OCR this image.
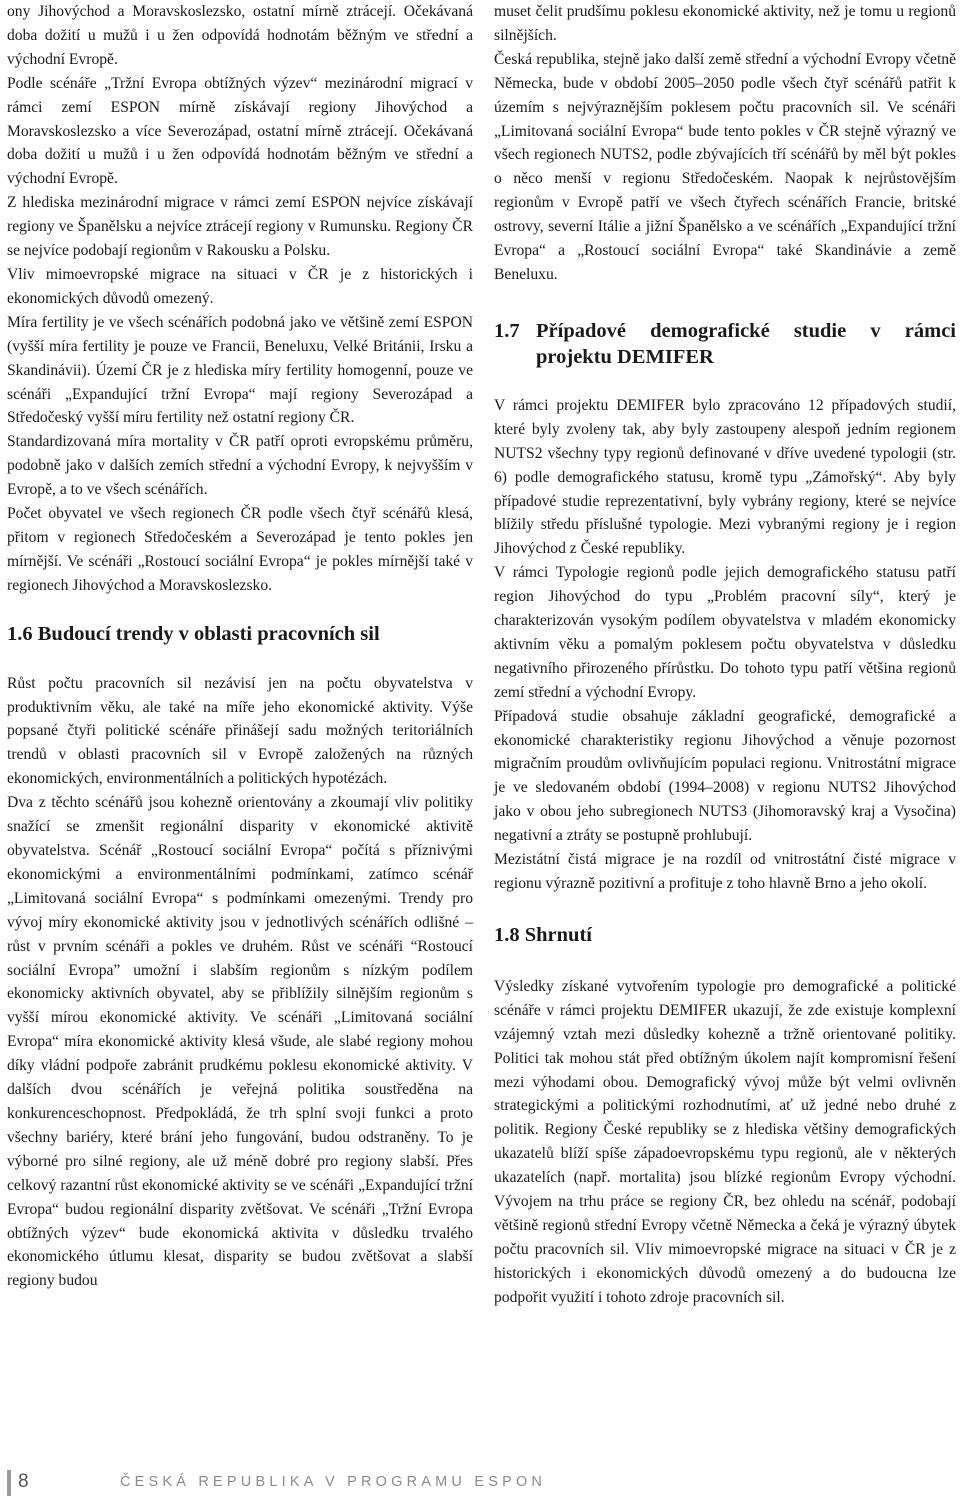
ony Jihovýchod a Moravskoslezsko, ostatní mírně ztrácejí. Očekávaná doba dožití u mužů i u žen odpovídá hodnotám běžným ve střední a východní Evropě.

Podle scénáře „Tržní Evropa obtížných výzev“ mezinárodní migrací v rámci zemí ESPON mírně získávají regiony Jihovýchod a Moravskoslezsko a více Severozápad, ostatní mírně ztrácejí. Očekávaná doba dožití u mužů i u žen odpovídá hodnotám běžným ve střední a východní Evropě.

Z hlediska mezinárodní migrace v rámci zemí ESPON nejvíce získávají regiony ve Španělsku a nejvíce ztrácejí regiony v Rumunsku. Regiony ČR se nejvíce podobají regionům v Rakousku a Polsku.

Vliv mimoevropské migrace na situaci v ČR je z historických i ekonomických důvodů omezený.

Míra fertility je ve všech scénářích podobná jako ve většině zemí ESPON (vyšší míra fertility je pouze ve Francii, Beneluxu, Velké Británii, Irsku a Skandinávii). Území ČR je z hlediska míry fertility homogenní, pouze ve scénáři „Expandující tržní Evropa“ mají regiony Severozápad a Středočeský vyšší míru fertility než ostatní regiony ČR.

Standardizovaná míra mortality v ČR patří oproti evropskému průměru, podobně jako v dalších zemích střední a východní Evropy, k nejvyšším v Evropě, a to ve všech scénářích.

Počet obyvatel ve všech regionech ČR podle všech čtyř scénářů klesá, přitom v regionech Středočeském a Severozápad je tento pokles jen mírnější. Ve scénáři „Rostoucí sociální Evropa“ je pokles mírnější také v regionech Jihovýchod a Moravskoslezsko.

1.6 Budoucí trendy v oblasti pracovních sil

Růst počtu pracovních sil nezávisí jen na počtu obyvatelstva v produktivním věku, ale také na míře jeho ekonomické aktivity. Výše popsané čtyři politické scénáře přinášejí sadu možných teritoriálních trendů v oblasti pracovních sil v Evropě založených na různých ekonomických, environmentálních a politických hypotézách.

Dva z těchto scénářů jsou kohezně orientovány a zkoumají vliv politiky snažící se zmenšit regionální disparity v ekonomické aktivitě obyvatelstva. Scénář „Rostoucí sociální Evropa“ počítá s příznivými ekonomickými a environmentálními podmínkami, zatímco scénář „Limitovaná sociální Evropa“ s podmínkami omezenými. Trendy pro vývoj míry ekonomické aktivity jsou v jednotlivých scénářích odlišné – růst v prvním scénáři a pokles ve druhém. Růst ve scénáři “Rostoucí sociální Evropa” umožní i slabším regionům s nízkým podílem ekonomicky aktivních obyvatel, aby se přiblížily silnějším regionům s vyšší mírou ekonomické aktivity. Ve scénáři „Limitovaná sociální Evropa“ míra ekonomické aktivity klesá všude, ale slabé regiony mohou díky vládní podpoře zabránit prudkému poklesu ekonomické aktivity. V dalších dvou scénářích je veřejná politika soustředěna na konkurenceschopnost. Předpokládá, že trh splní svoji funkci a proto všechny bariéry, které brání jeho fungování, budou odstraněny. To je výborné pro silné regiony, ale už méně dobré pro regiony slabší. Přes celkový razantní růst ekonomické aktivity se ve scénáři „Expandující tržní Evropa“ budou regionální disparity zvětšovat. Ve scénáři „Tržní Evropa obtížných výzev“ bude ekonomická aktivita v důsledku trvalého ekonomického útlumu klesat, disparity se budou zvětšovat a slabší regiony budou

muset čelit prudšímu poklesu ekonomické aktivity, než je tomu u regionů silnějších.

Česká republika, stejně jako další země střední a východní Evropy včetně Německa, bude v období 2005–2050 podle všech čtyř scénářů patřit k územím s nejvýraznějším poklesem počtu pracovních sil. Ve scénáři „Limitovaná sociální Evropa“ bude tento pokles v ČR stejně výrazný ve všech regionech NUTS2, podle zbývajících tří scénářů by měl být pokles o něco menší v regionu Středočeském. Naopak k nejrůstovějším regionům v Evropě patří ve všech čtyřech scénářích Francie, britské ostrovy, severní Itálie a jižní Španělsko a ve scénářích „Expandující tržní Evropa“ a „Rostoucí sociální Evropa“ také Skandinávie a země Beneluxu.

1.7 Případové demografické studie v rámci projektu DEMIFER

V rámci projektu DEMIFER bylo zpracováno 12 případových studií, které byly zvoleny tak, aby byly zastoupeny alespoň jedním regionem NUTS2 všechny typy regionů definované v dříve uvedené typologii (str. 6) podle demografického statusu, kromě typu „Zámořský“. Aby byly případové studie reprezentativní, byly vybrány regiony, které se nejvíce blížily středu příslušné typologie. Mezi vybranými regiony je i region Jihovýchod z České republiky.

V rámci Typologie regionů podle jejich demografického statusu patří region Jihovýchod do typu „Problém pracovní síly“, který je charakterizován vysokým podílem obyvatelstva v mladém ekonomicky aktivním věku a pomalým poklesem počtu obyvatelstva v důsledku negativního přirozeného přírůstku. Do tohoto typu patří většina regionů zemí střední a východní Evropy.

Případová studie obsahuje základní geografické, demografické a ekonomické charakteristiky regionu Jihovýchod a věnuje pozornost migračním proudům ovlivňujícím populaci regionu. Vnitrostátní migrace je ve sledovaném období (1994–2008) v regionu NUTS2 Jihovýchod jako v obou jeho subregionech NUTS3 (Jihomoravský kraj a Vysočina) negativní a ztráty se postupně prohlubují.

Mezistátní čistá migrace je na rozdíl od vnitrostátní čisté migrace v regionu výrazně pozitivní a profituje z toho hlavně Brno a jeho okolí.

1.8 Shrnutí

Výsledky získané vytvořením typologie pro demografické a politické scénáře v rámci projektu DEMIFER ukazují, že zde existuje komplexní vzájemný vztah mezi důsledky kohezně a tržně orientované politiky. Politici tak mohou stát před obtížným úkolem najít kompromisní řešení mezi výhodami obou. Demografický vývoj může být velmi ovlivněn strategickými a politickými rozhodnutími, ať už jedné nebo druhé z politik. Regiony České republiky se z hlediska většiny demografických ukazatelů blíží spíše západoevropskému typu regionů, ale v některých ukazatelích (např. mortalita) jsou blízké regionům Evropy východní. Vývojem na trhu práce se regiony ČR, bez ohledu na scénář, podobají většině regionů střední Evropy včetně Německa a čeká je výrazný úbytek počtu pracovních sil. Vliv mimoevropské migrace na situaci v ČR je z historických i ekonomických důvodů omezený a do budoucna lze podpořit využití i tohoto zdroje pracovních sil.

8	ČESKÁ REPUBLIKA V PROGRAMU ESPON
